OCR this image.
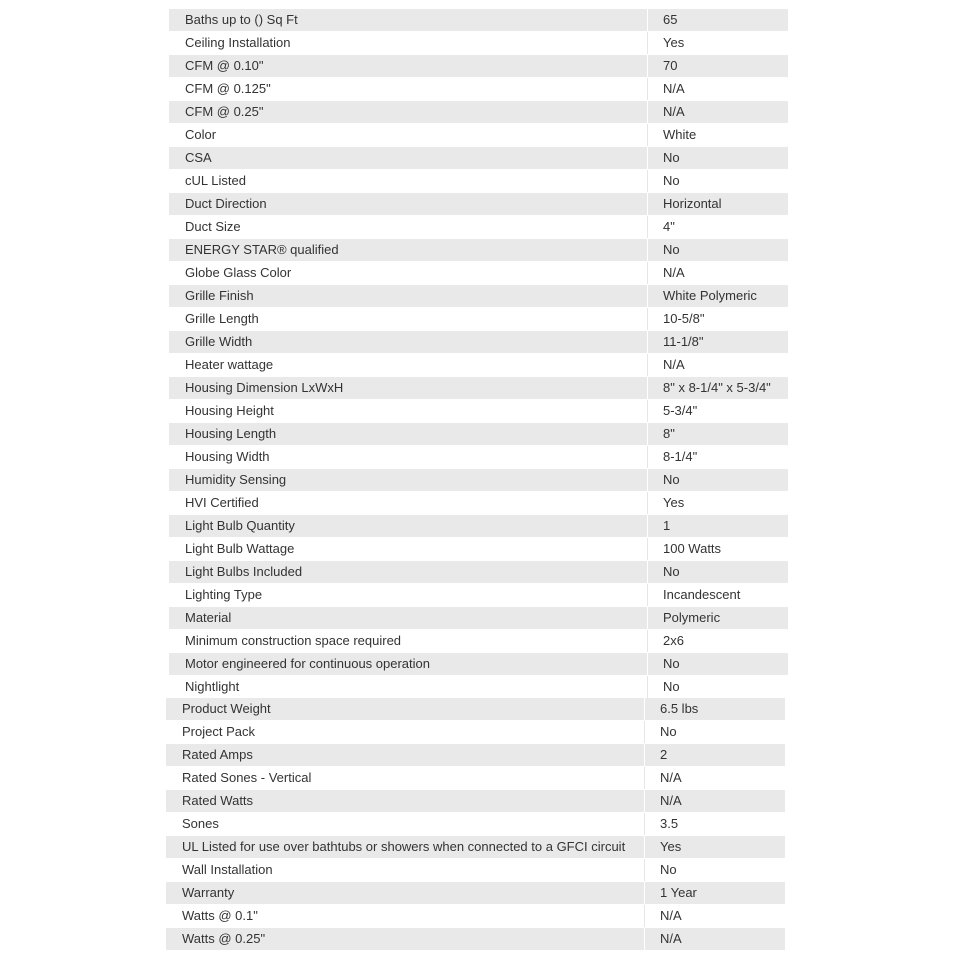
Baths up to () Sq Ft	65
Ceiling Installation	Yes
CFM @ 0.10"	70
CFM @ 0.125"	N/A
CFM @ 0.25"	N/A
Color	White
CSA	No
cUL Listed	No
Duct Direction	Horizontal
Duct Size	4"
ENERGY STAR® qualified	No
Globe Glass Color	N/A
Grille Finish	White Polymeric
Grille Length	10-5/8"
Grille Width	11-1/8"
Heater wattage	N/A
Housing Dimension LxWxH	8" x 8-1/4" x 5-3/4"
Housing Height	5-3/4"
Housing Length	8"
Housing Width	8-1/4"
Humidity Sensing	No
HVI Certified	Yes
Light Bulb Quantity	1
Light Bulb Wattage	100 Watts
Light Bulbs Included	No
Lighting Type	Incandescent
Material	Polymeric
Minimum construction space required	2x6
Motor engineered for continuous operation	No
Nightlight	No
Product Weight	6.5 lbs
Project Pack	No
Rated Amps	2
Rated Sones - Vertical	N/A
Rated Watts	N/A
Sones	3.5
UL Listed for use over bathtubs or showers when connected to a GFCI circuit	Yes
Wall Installation	No
Warranty	1 Year
Watts @ 0.1"	N/A
Watts @ 0.25"	N/A
